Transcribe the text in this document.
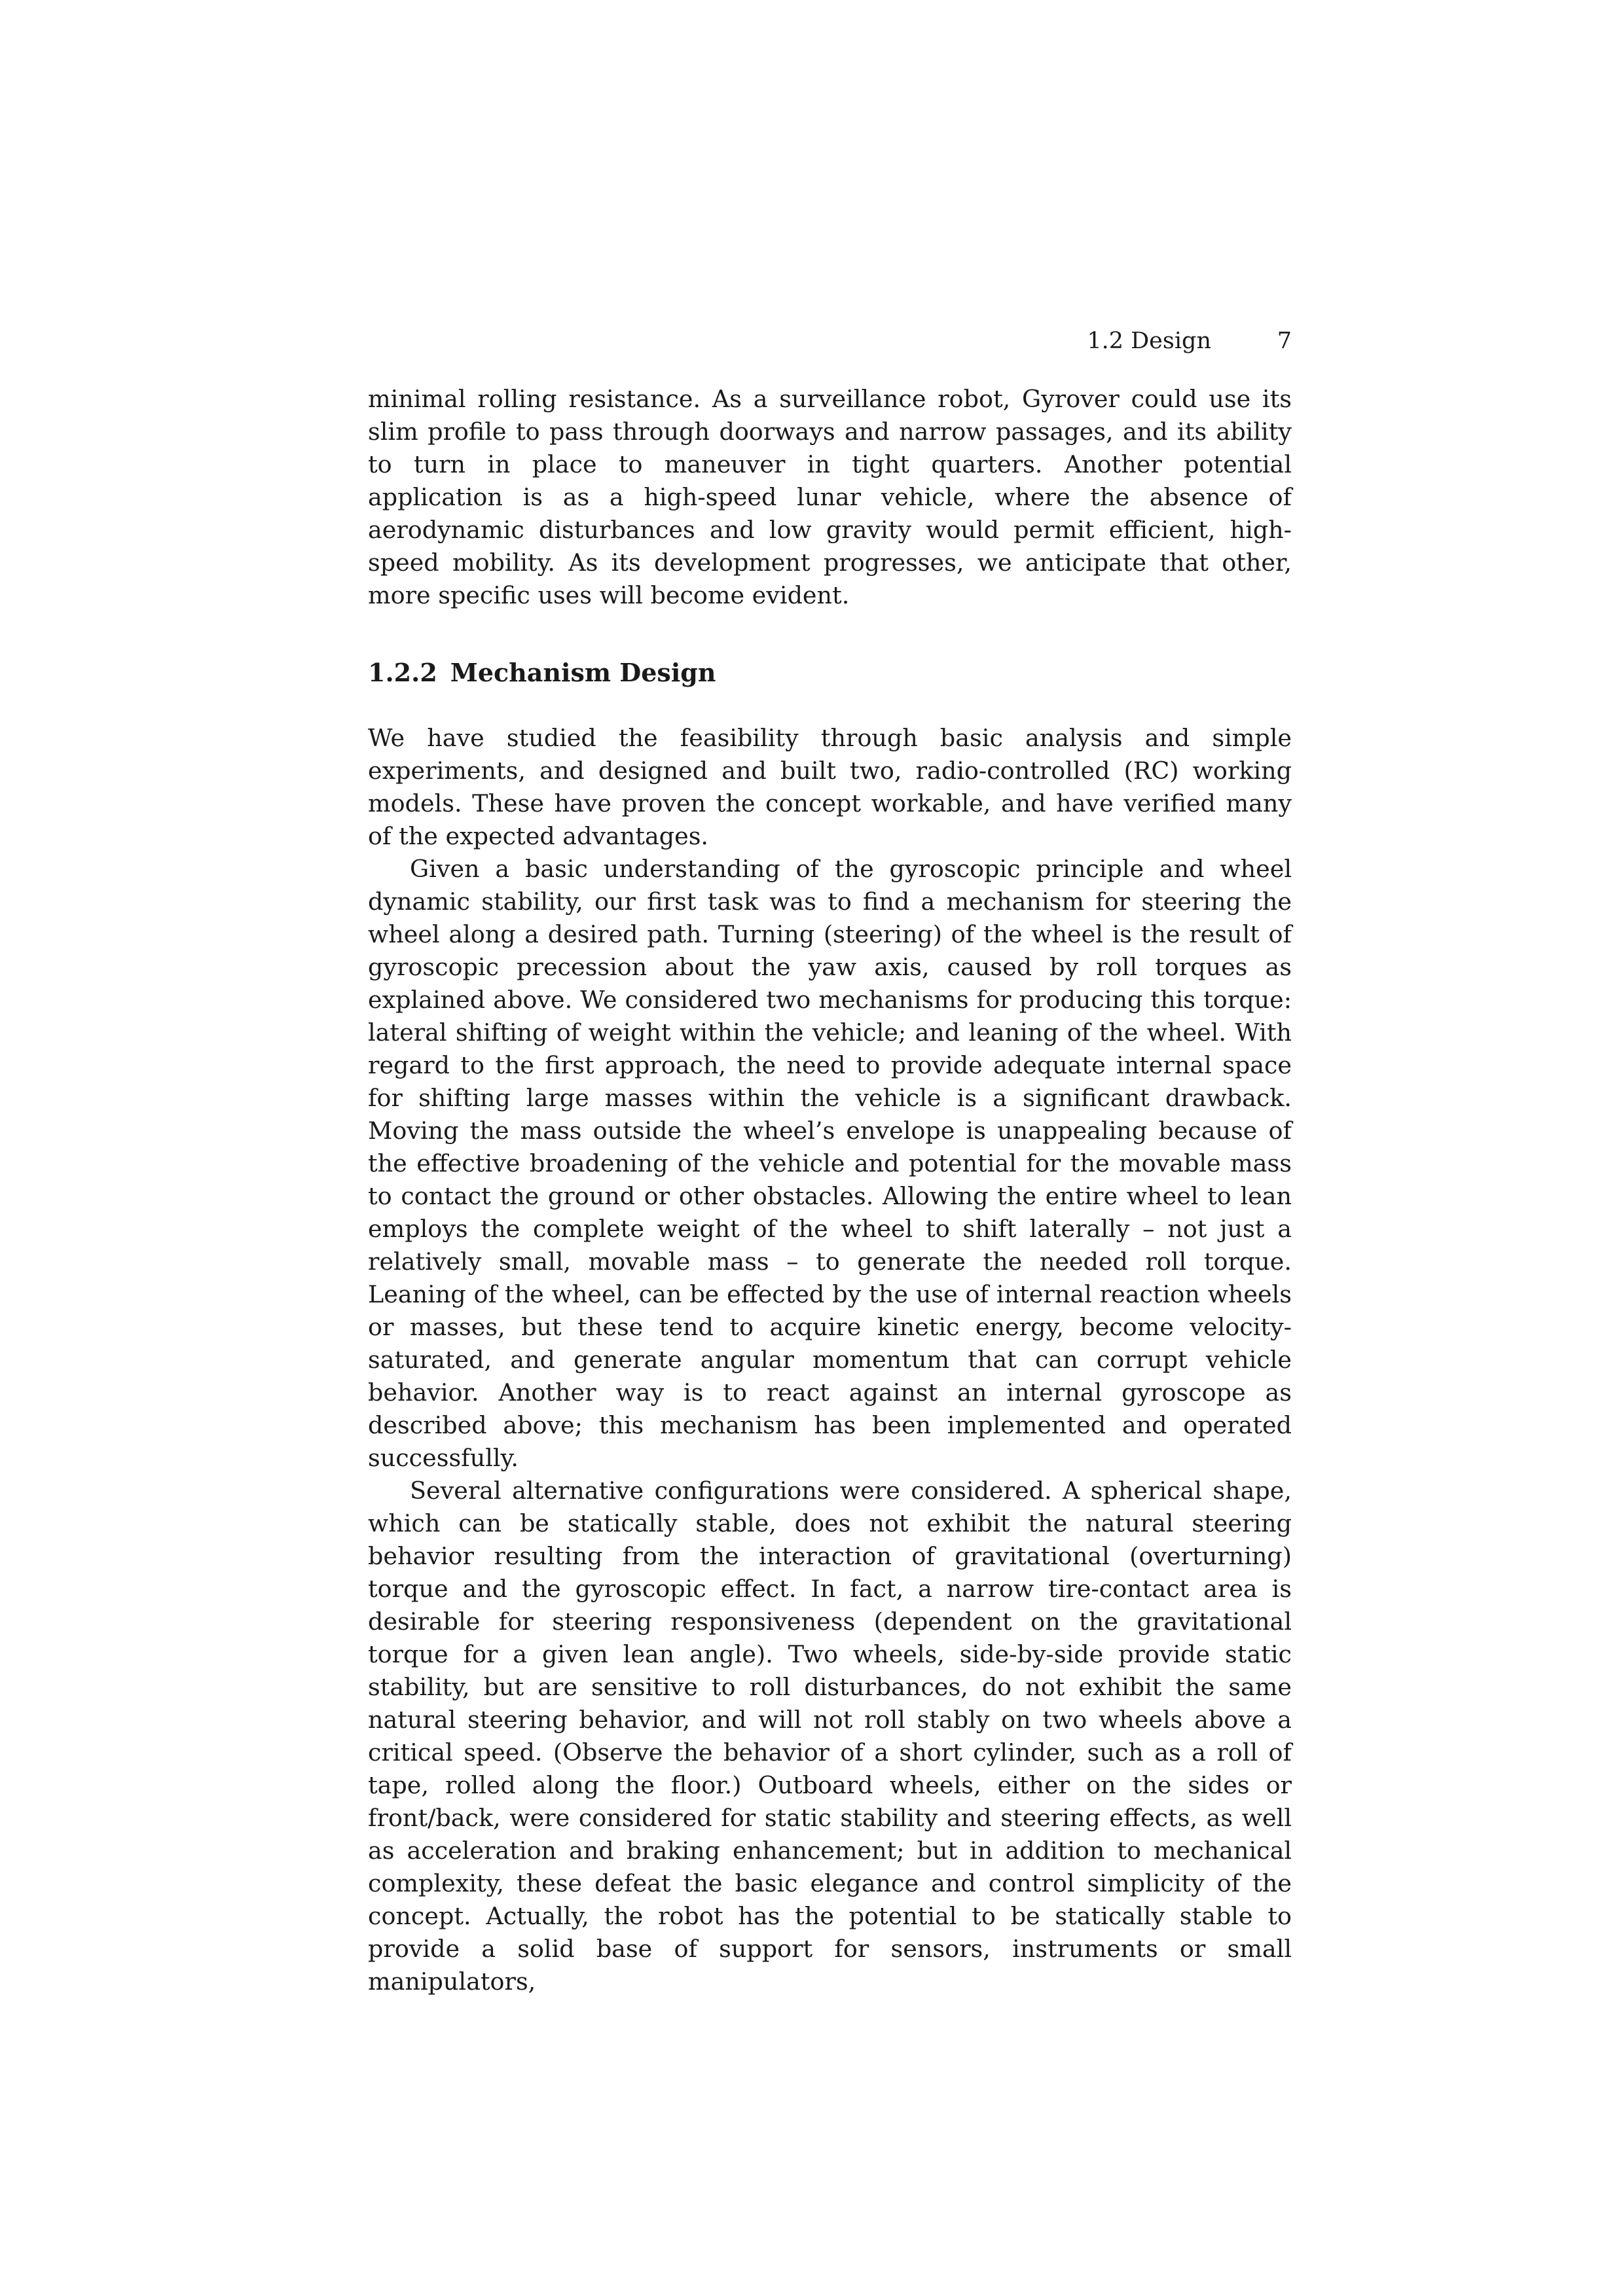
1.2 Design	7

minimal rolling resistance. As a surveillance robot, Gyrover could use its slim profile to pass through doorways and narrow passages, and its ability to turn in place to maneuver in tight quarters. Another potential application is as a high-speed lunar vehicle, where the absence of aerodynamic disturbances and low gravity would permit efficient, high-speed mobility. As its development progresses, we anticipate that other, more specific uses will become evident.

1.2.2 Mechanism Design

We have studied the feasibility through basic analysis and simple experiments, and designed and built two, radio-controlled (RC) working models. These have proven the concept workable, and have verified many of the expected advantages.

Given a basic understanding of the gyroscopic principle and wheel dynamic stability, our first task was to find a mechanism for steering the wheel along a desired path. Turning (steering) of the wheel is the result of gyroscopic precession about the yaw axis, caused by roll torques as explained above. We considered two mechanisms for producing this torque: lateral shifting of weight within the vehicle; and leaning of the wheel. With regard to the first approach, the need to provide adequate internal space for shifting large masses within the vehicle is a significant drawback. Moving the mass outside the wheel’s envelope is unappealing because of the effective broadening of the vehicle and potential for the movable mass to contact the ground or other obstacles. Allowing the entire wheel to lean employs the complete weight of the wheel to shift laterally – not just a relatively small, movable mass – to generate the needed roll torque. Leaning of the wheel, can be effected by the use of internal reaction wheels or masses, but these tend to acquire kinetic energy, become velocity-saturated, and generate angular momentum that can corrupt vehicle behavior. Another way is to react against an internal gyroscope as described above; this mechanism has been implemented and operated successfully.

Several alternative configurations were considered. A spherical shape, which can be statically stable, does not exhibit the natural steering behavior resulting from the interaction of gravitational (overturning) torque and the gyroscopic effect. In fact, a narrow tire-contact area is desirable for steering responsiveness (dependent on the gravitational torque for a given lean angle). Two wheels, side-by-side provide static stability, but are sensitive to roll disturbances, do not exhibit the same natural steering behavior, and will not roll stably on two wheels above a critical speed. (Observe the behavior of a short cylinder, such as a roll of tape, rolled along the floor.) Outboard wheels, either on the sides or front/back, were considered for static stability and steering effects, as well as acceleration and braking enhancement; but in addition to mechanical complexity, these defeat the basic elegance and control simplicity of the concept. Actually, the robot has the potential to be statically stable to provide a solid base of support for sensors, instruments or small manipulators,
